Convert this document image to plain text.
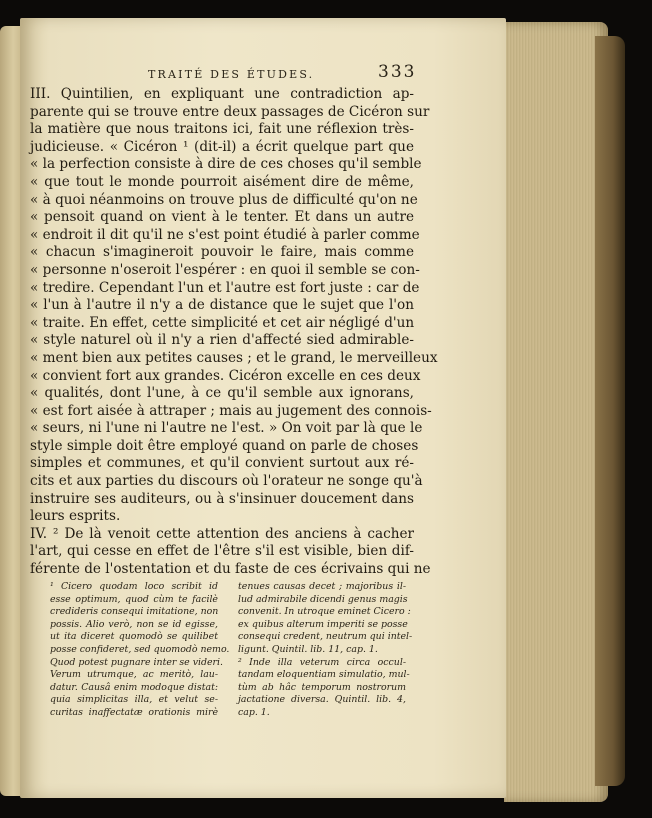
TRAITÉ DES ÉTUDES.	333
III. Quintilien, en expliquant une contradiction ap-
parente qui se trouve entre deux passages de Cicéron sur
la matière que nous traitons ici, fait une réflexion très-
judicieuse. « Cicéron ¹ (dit-il) a écrit quelque part que
« la perfection consiste à dire de ces choses qu'il semble
« que tout le monde pourroit aisément dire de même,
« à quoi néanmoins on trouve plus de difficulté qu'on ne
« pensoit quand on vient à le tenter. Et dans un autre
« endroit il dit qu'il ne s'est point étudié à parler comme
« chacun s'imagineroit pouvoir le faire, mais comme
« personne n'oseroit l'espérer : en quoi il semble se con-
« tredire. Cependant l'un et l'autre est fort juste : car de
« l'un à l'autre il n'y a de distance que le sujet que l'on
« traite. En effet, cette simplicité et cet air négligé d'un
« style naturel où il n'y a rien d'affecté sied admirable-
« ment bien aux petites causes ; et le grand, le merveilleux
« convient fort aux grandes. Cicéron excelle en ces deux
« qualités, dont l'une, à ce qu'il semble aux ignorans,
« est fort aisée à attraper ; mais au jugement des connois-
« seurs, ni l'une ni l'autre ne l'est. » On voit par là que le
style simple doit être employé quand on parle de choses
simples et communes, et qu'il convient surtout aux ré-
cits et aux parties du discours où l'orateur ne songe qu'à
instruire ses auditeurs, ou à s'insinuer doucement dans
leurs esprits.
IV. ² De là venoit cette attention des anciens à cacher
l'art, qui cesse en effet de l'être s'il est visible, bien dif-
férente de l'ostentation et du faste de ces écrivains qui ne
¹ Cicero quodam loco scribit id
esse optimum, quod cùm te facilè
credideris consequi imitatione, non
possis. Alio verò, non se id egisse,
ut ita diceret quomodò se quilibet
posse confideret, sed quomodò nemo.
Quod potest pugnare inter se videri.
Verum utrumque, ac meritò, lau-
datur. Causâ enim modoque distat:
quia simplicitas illa, et velut se-
curitas inaffectatæ orationis mirè
tenues causas decet ; majoribus il-
lud admirabile dicendi genus magis
convenit. In utroque eminet Cicero :
ex quibus alterum imperiti se posse
consequi credent, neutrum qui intel-
ligunt. Quintil. lib. 11, cap. 1.
² Inde illa veterum circa occul-
tandam eloquentiam simulatio, mul-
tùm ab hâc temporum nostrorum
jactatione diversa. Quintil. lib. 4,
cap. 1.
